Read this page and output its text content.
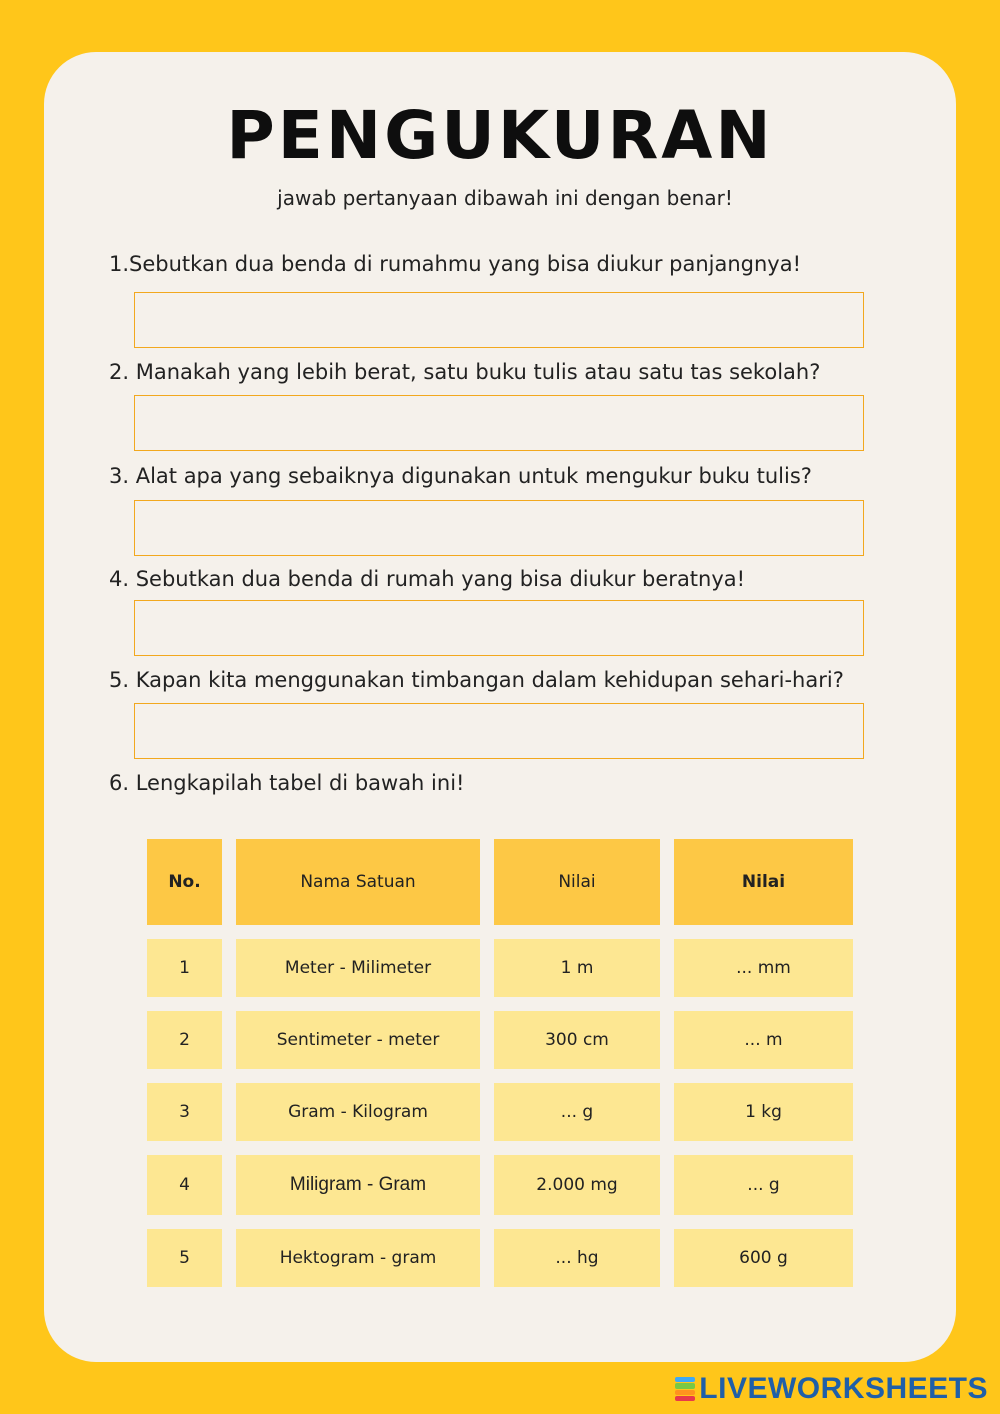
PENGUKURAN
jawab pertanyaan dibawah ini dengan benar!
1.Sebutkan dua benda di rumahmu yang bisa diukur panjangnya!
2. Manakah yang lebih berat, satu buku tulis atau satu tas sekolah?
3. Alat apa yang sebaiknya digunakan untuk mengukur buku tulis?
4. Sebutkan dua benda di rumah yang bisa diukur beratnya!
5. Kapan kita menggunakan timbangan dalam kehidupan sehari-hari?
6. Lengkapilah tabel di bawah ini!
No.	Nama Satuan	Nilai	Nilai
1	Meter - Milimeter	1 m	... mm
2	Sentimeter - meter	300 cm	... m
3	Gram - Kilogram	... g	1 kg
4	Miligram - Gram	2.000 mg	... g
5	Hektogram - gram	... hg	600 g
LIVEWORKSHEETS
